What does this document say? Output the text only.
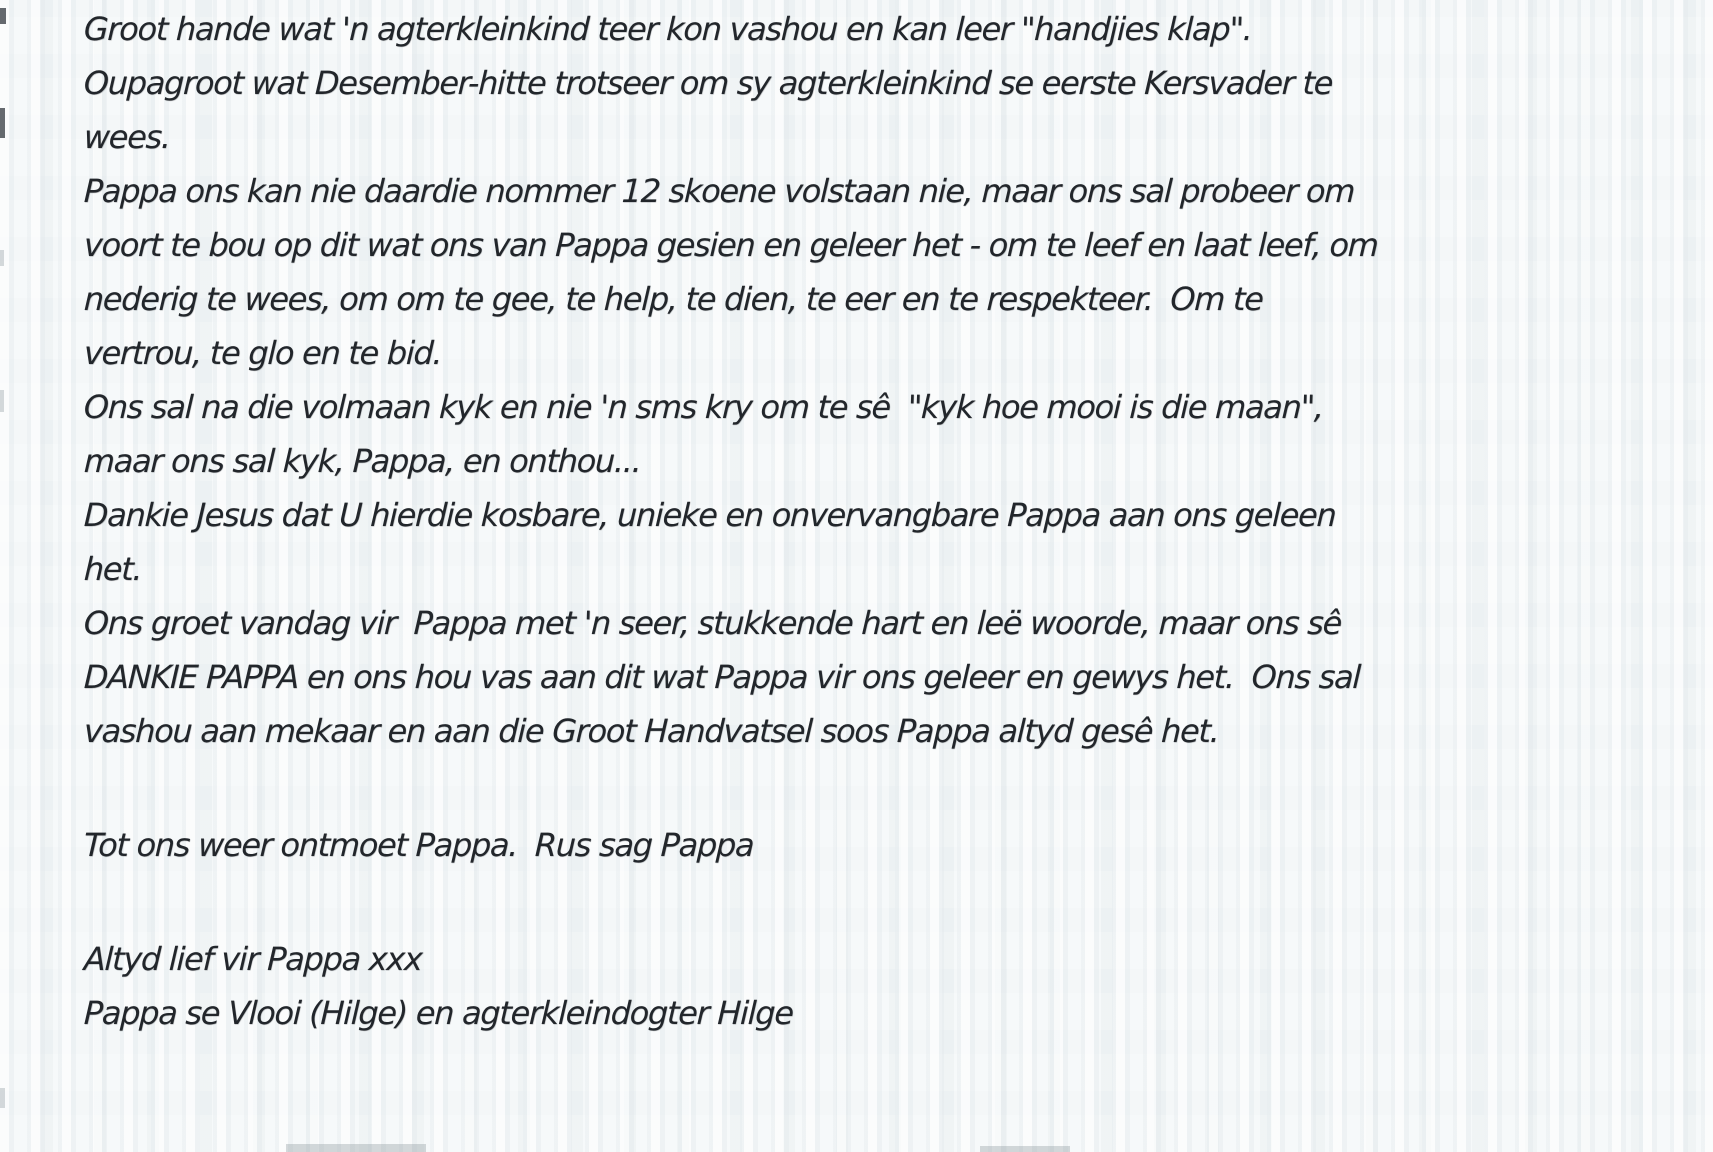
Groot hande wat 'n agterkleinkind teer kon vashou en kan leer "handjies klap".
Oupagroot wat Desember-hitte trotseer om sy agterkleinkind se eerste Kersvader te
wees.
Pappa ons kan nie daardie nommer 12 skoene volstaan nie, maar ons sal probeer om
voort te bou op dit wat ons van Pappa gesien en geleer het - om te leef en laat leef, om
nederig te wees, om om te gee, te help, te dien, te eer en te respekteer.  Om te
vertrou, te glo en te bid.
Ons sal na die volmaan kyk en nie 'n sms kry om te sê  "kyk hoe mooi is die maan",
maar ons sal kyk, Pappa, en onthou...
Dankie Jesus dat U hierdie kosbare, unieke en onvervangbare Pappa aan ons geleen
het.
Ons groet vandag vir  Pappa met 'n seer, stukkende hart en leë woorde, maar ons sê
DANKIE PAPPA en ons hou vas aan dit wat Pappa vir ons geleer en gewys het.  Ons sal
vashou aan mekaar en aan die Groot Handvatsel soos Pappa altyd gesê het.
Tot ons weer ontmoet Pappa.  Rus sag Pappa
Altyd lief vir Pappa xxx
Pappa se Vlooi (Hilge) en agterkleindogter Hilge
